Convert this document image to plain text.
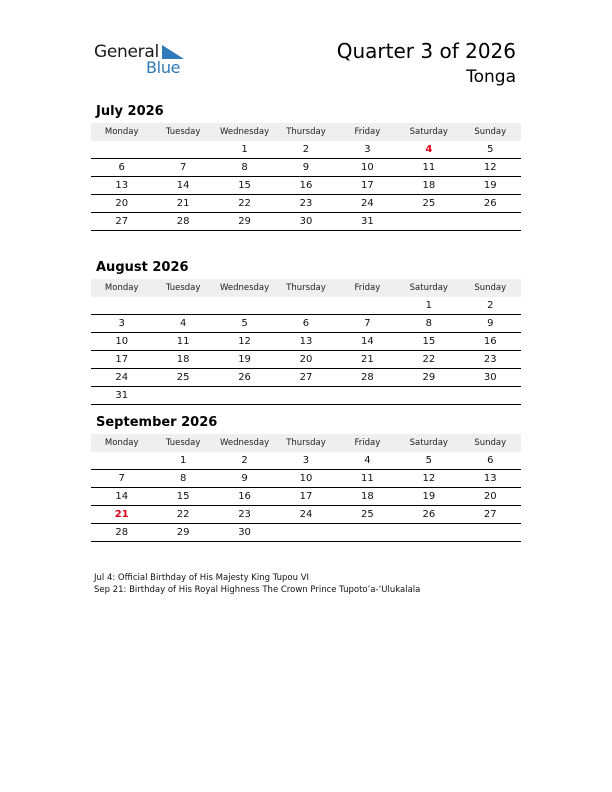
General
Blue
Quarter 3 of 2026
Tonga
July 2026
Monday	Tuesday	Wednesday	Thursday	Friday	Saturday	Sunday
		1	2	3	4	5
6	7	8	9	10	11	12
13	14	15	16	17	18	19
20	21	22	23	24	25	26
27	28	29	30	31		
August 2026
Monday	Tuesday	Wednesday	Thursday	Friday	Saturday	Sunday
					1	2
3	4	5	6	7	8	9
10	11	12	13	14	15	16
17	18	19	20	21	22	23
24	25	26	27	28	29	30
31						
September 2026
Monday	Tuesday	Wednesday	Thursday	Friday	Saturday	Sunday
	1	2	3	4	5	6
7	8	9	10	11	12	13
14	15	16	17	18	19	20
21	22	23	24	25	26	27
28	29	30				
Jul 4: Official Birthday of His Majesty King Tupou VI
Sep 21: Birthday of His Royal Highness The Crown Prince Tupoto’a-‘Ulukalala
